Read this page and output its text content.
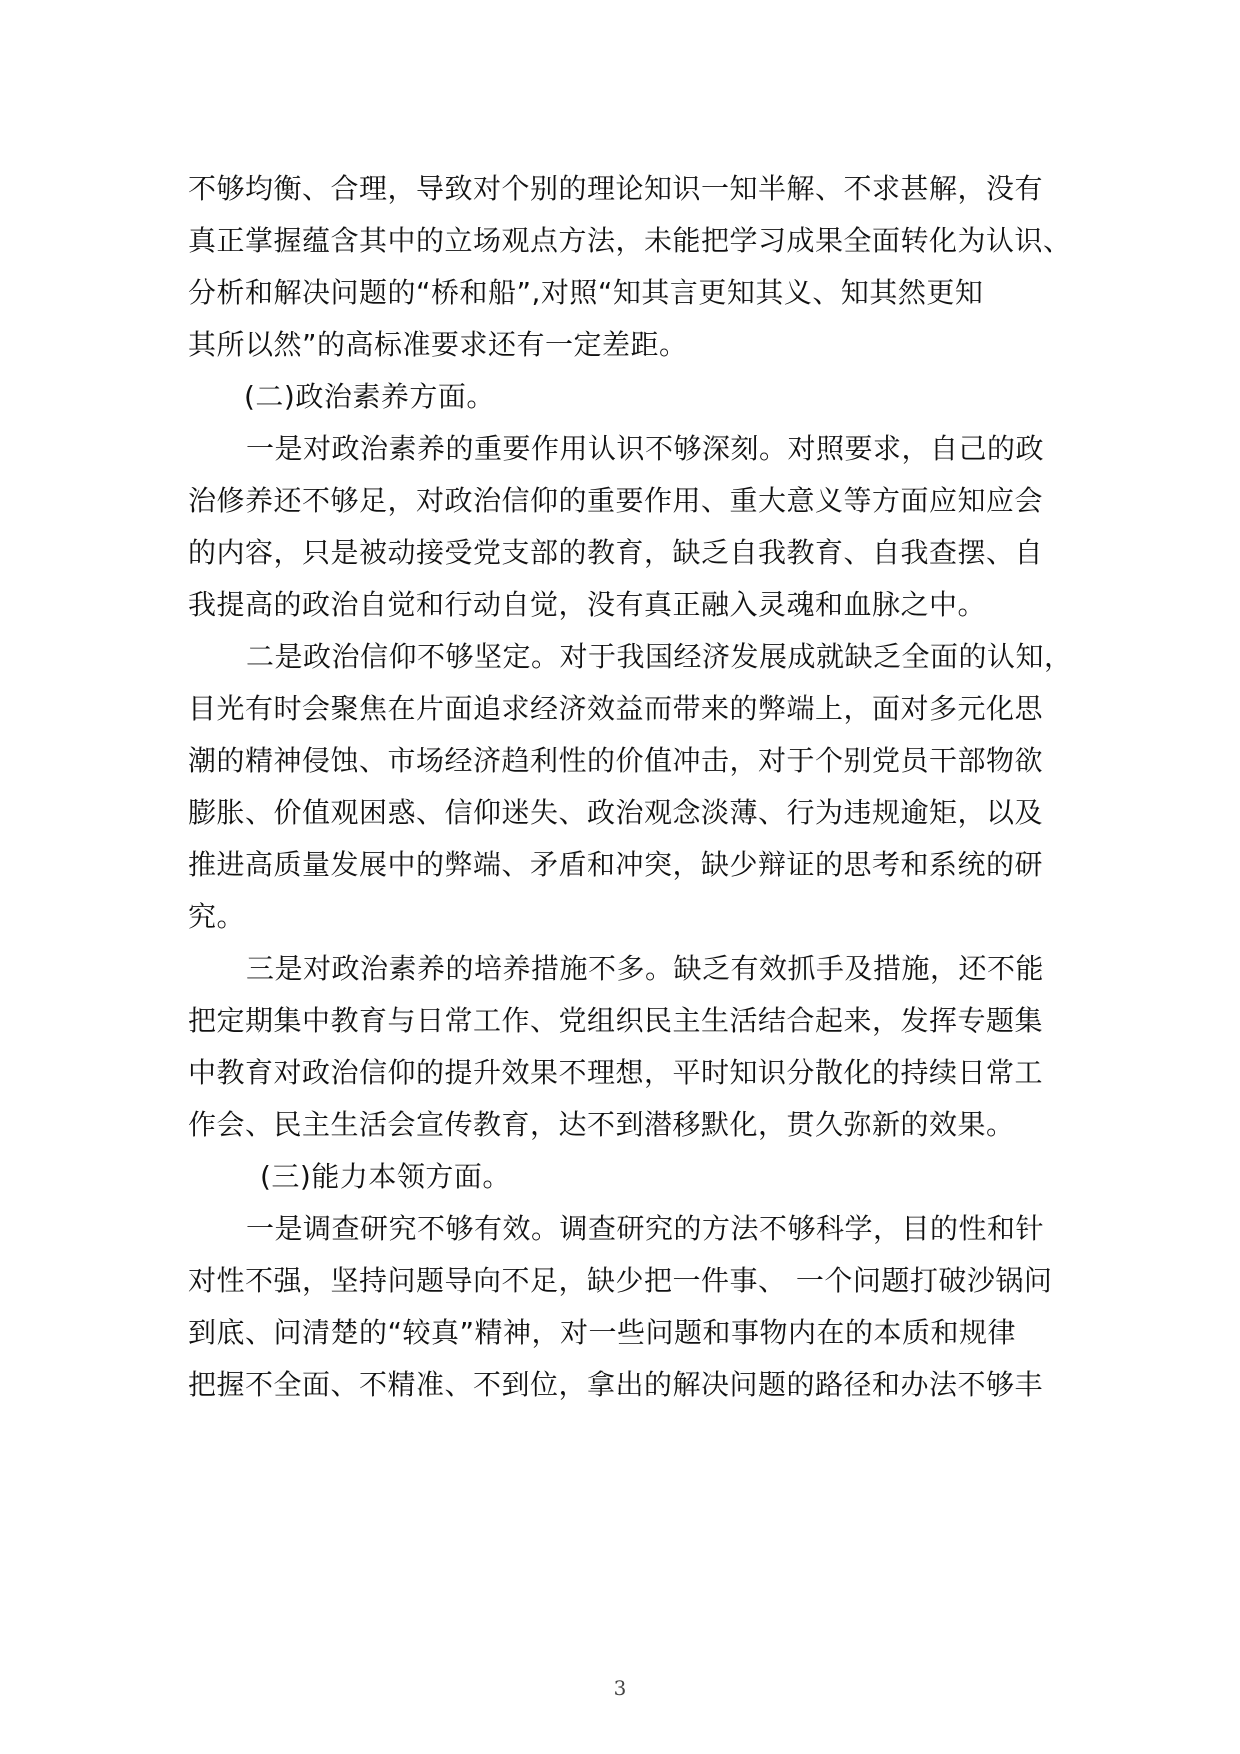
不够均衡、合理，导致对个别的理论知识一知半解、不求甚解，没有
真正掌握蕴含其中的立场观点方法，未能把学习成果全面转化为认识、
分析和解决问题的“桥和船”,对照“知其言更知其义、知其然更知
其所以然”的高标准要求还有一定差距。
(二)政治素养方面。
一是对政治素养的重要作用认识不够深刻。对照要求，自己的政
治修养还不够足，对政治信仰的重要作用、重大意义等方面应知应会
的内容，只是被动接受党支部的教育，缺乏自我教育、自我查摆、自
我提高的政治自觉和行动自觉，没有真正融入灵魂和血脉之中。
二是政治信仰不够坚定。对于我国经济发展成就缺乏全面的认知，
目光有时会聚焦在片面追求经济效益而带来的弊端上，面对多元化思
潮的精神侵蚀、市场经济趋利性的价值冲击，对于个别党员干部物欲
膨胀、价值观困惑、信仰迷失、政治观念淡薄、行为违规逾矩，以及
推进高质量发展中的弊端、矛盾和冲突，缺少辩证的思考和系统的研
究。
三是对政治素养的培养措施不多。缺乏有效抓手及措施，还不能
把定期集中教育与日常工作、党组织民主生活结合起来，发挥专题集
中教育对政治信仰的提升效果不理想，平时知识分散化的持续日常工
作会、民主生活会宣传教育，达不到潜移默化，贯久弥新的效果。
(三)能力本领方面。
一是调查研究不够有效。调查研究的方法不够科学，目的性和针
对性不强，坚持问题导向不足，缺少把一件事、 一个问题打破沙锅问
到底、问清楚的“较真”精神，对一些问题和事物内在的本质和规律
把握不全面、不精准、不到位，拿出的解决问题的路径和办法不够丰
3
